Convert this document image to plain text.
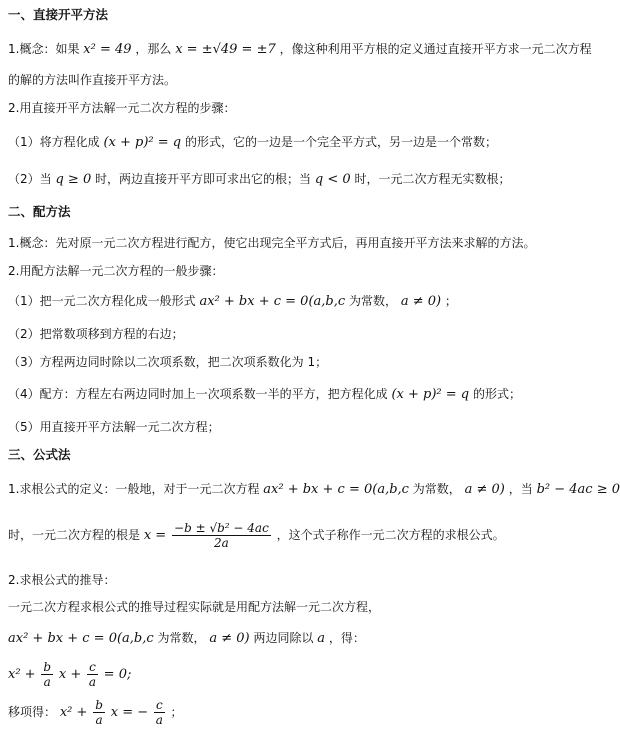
一、直接开平方法
1.概念：如果 x² = 49 ，那么 x = ±√49 = ±7 ，像这种利用平方根的定义通过直接开平方求一元二次方程
的解的方法叫作直接开平方法。
2.用直接开平方法解一元二次方程的步骤：
（1）将方程化成 (x + p)² = q 的形式，它的一边是一个完全平方式，另一边是一个常数；
（2）当 q ≥ 0 时，两边直接开平方即可求出它的根；当 q < 0 时，一元二次方程无实数根；
二、配方法
1.概念：先对原一元二次方程进行配方，使它出现完全平方式后，再用直接开平方法来求解的方法。
2.用配方法解一元二次方程的一般步骤：
（1）把一元二次方程化成一般形式 ax² + bx + c = 0(a,b,c 为常数， a ≠ 0) ；
（2）把常数项移到方程的右边；
（3）方程两边同时除以二次项系数，把二次项系数化为 1；
（4）配方：方程左右两边同时加上一次项系数一半的平方，把方程化成 (x + p)² = q 的形式；
（5）用直接开平方法解一元二次方程；
三、公式法
1.求根公式的定义：一般地，对于一元二次方程 ax² + bx + c = 0(a,b,c 为常数， a ≠ 0) ，当 b² − 4ac ≥ 0
时，一元二次方程的根是 $x = \frac{\text{−b ± √b² − 4ac}}{2a}$ ，这个式子称作一元二次方程的求根公式。
2.求根公式的推导：
一元二次方程求根公式的推导过程实际就是用配方法解一元二次方程，
ax² + bx + c = 0(a,b,c 为常数， a ≠ 0) 两边同除以 a ，得：
$x^2 + \frac{b}{a}$ $x + \frac{c}{a} = 0$;
移项得： $x^2 + \frac{b}{a}$ x = − $\frac{c}{a}$ ；
